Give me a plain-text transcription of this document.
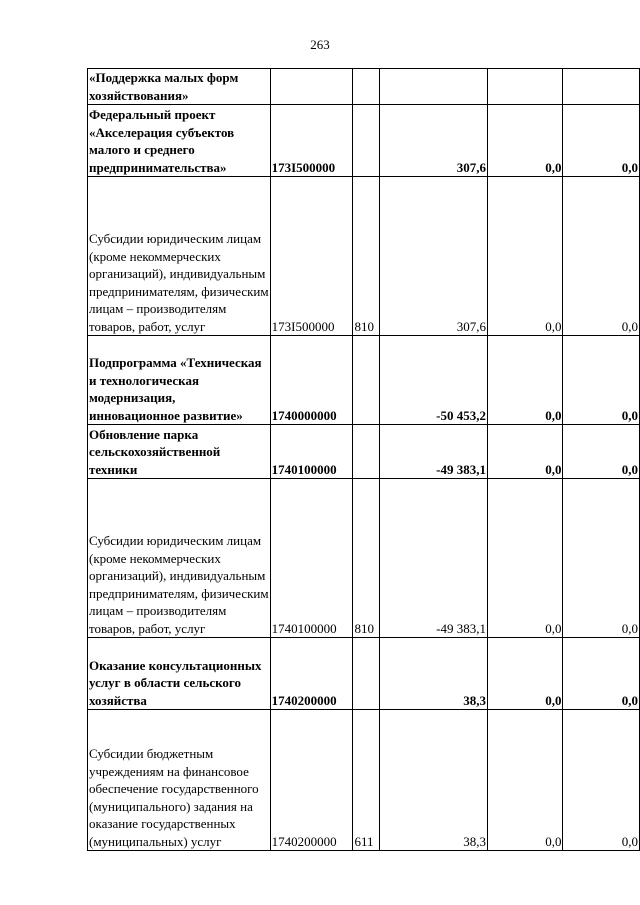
263
«Поддержка малых форм хозяйствования»					
Федеральный проект «Акселерация субъектов малого и среднего предпринимательства»	173I500000		307,6	0,0	0,0
Субсидии юридическим лицам (кроме некоммерческих организаций), индивидуальным предпринимателям, физическим лицам – производителям товаров, работ, услуг	173I500000	810	307,6	0,0	0,0
Подпрограмма «Техническая и технологическая модернизация, инновационное развитие»	1740000000		-50 453,2	0,0	0,0
Обновление парка сельскохозяйственной техники	1740100000		-49 383,1	0,0	0,0
Субсидии юридическим лицам (кроме некоммерческих организаций), индивидуальным предпринимателям, физическим лицам – производителям товаров, работ, услуг	1740100000	810	-49 383,1	0,0	0,0
Оказание консультационных услуг в области сельского хозяйства	1740200000		38,3	0,0	0,0
Субсидии бюджетным учреждениям на финансовое обеспечение государственного (муниципального) задания на оказание государственных (муниципальных) услуг	1740200000	611	38,3	0,0	0,0
